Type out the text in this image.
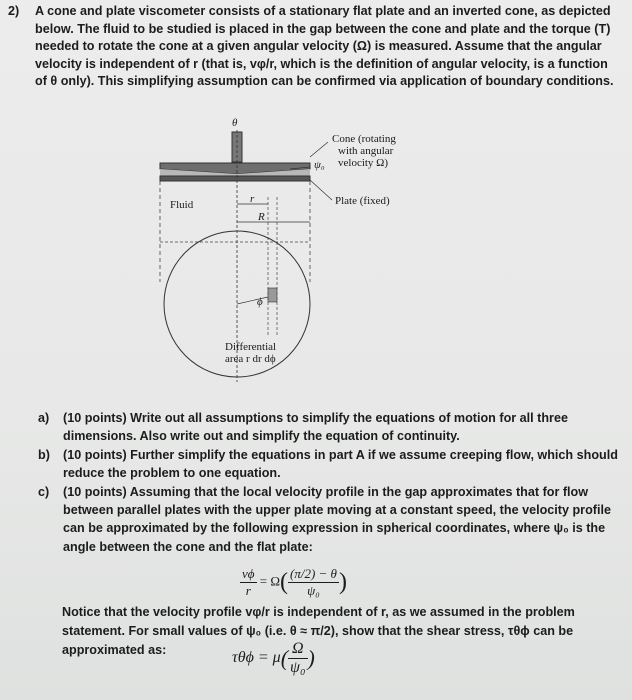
2) A cone and plate viscometer consists of a stationary flat plate and an inverted cone, as depicted below. The fluid to be studied is placed in the gap between the cone and plate and the torque (T) needed to rotate the cone at a given angular velocity (Ω) is measured. Assume that the angular velocity is independent of r (that is, vφ/r, which is the definition of angular velocity, is a function of θ only). This simplifying assumption can be confirmed via application of boundary conditions.
θ
ψ₀
Cone (rotating
with angular
velocity Ω)
Plate (fixed)
Fluid	r
R
ϕ
Differential
area r dr dϕ
a) (10 points) Write out all assumptions to simplify the equations of motion for all three dimensions. Also write out and simplify the equation of continuity.
b) (10 points) Further simplify the equations in part A if we assume creeping flow, which should reduce the problem to one equation.
c) (10 points) Assuming that the local velocity profile in the gap approximates that for flow between parallel plates with the upper plate moving at a constant speed, the velocity profile can be approximated by the following expression in spherical coordinates, where ψ₀ is the angle between the cone and the flat plate:
$\frac{v\phi}{r} = \Omega( \frac{(\pi/2) - \theta}{\text{ψ₀}}$ )
Notice that the velocity profile vφ/r is independent of r, as we assumed in the problem statement. For small values of ψ₀ (i.e. θ ≈ π/2), show that the shear stress, τθϕ can be approximated as:	$\tau\theta\phi = \mu( \frac{\Omega}{\text{ψ₀}}$ )
